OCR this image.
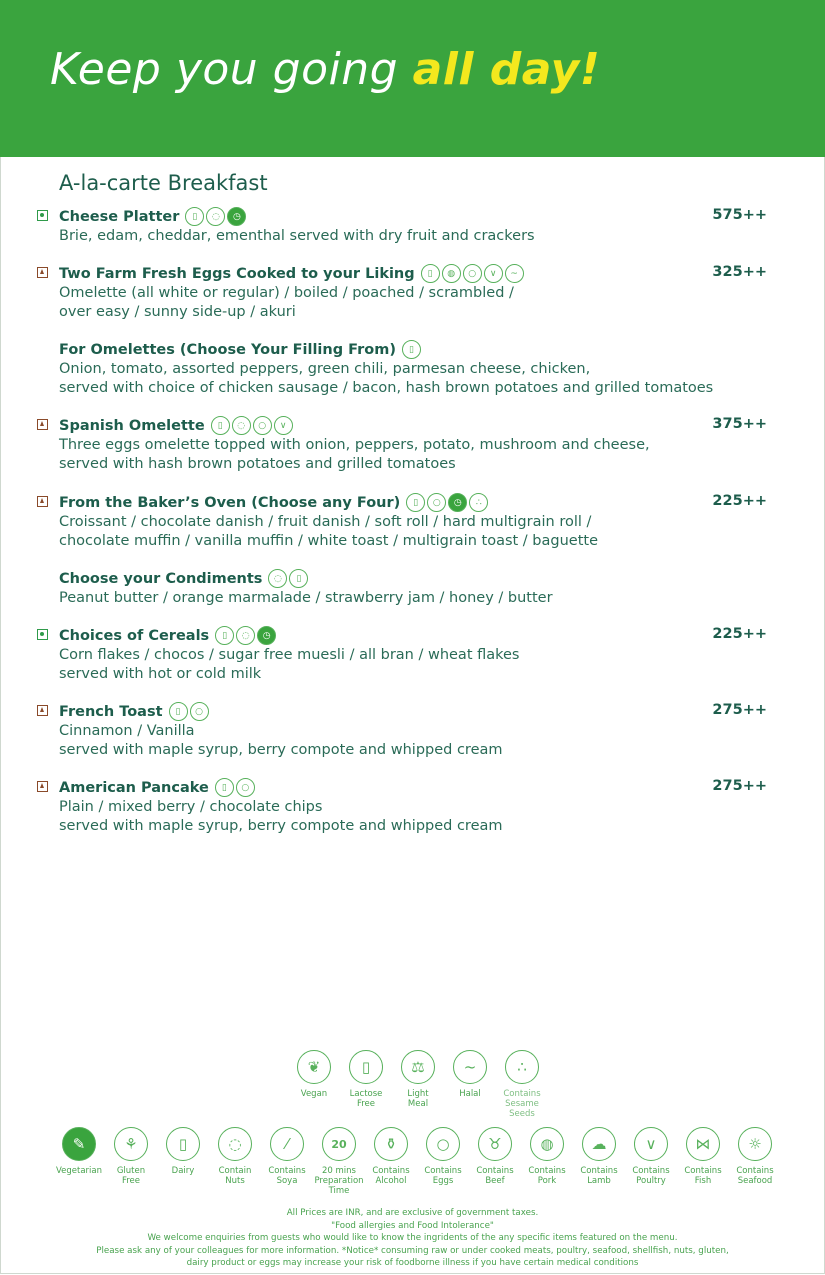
Keep you going all day!
A-la-carte Breakfast
Cheese Platter	▯	◌	◷	575++
Brie, edam, cheddar, ementhal served with dry fruit and crackers
Two Farm Fresh Eggs Cooked to your Liking	▯	◍	○	∨	~	325++
Omelette (all white or regular) / boiled / poached / scrambled /
over easy / sunny side-up / akuri
For Omelettes (Choose Your Filling From)	▯
Onion, tomato, assorted peppers, green chili, parmesan cheese, chicken,
served with choice of chicken sausage / bacon, hash brown potatoes and grilled tomatoes
Spanish Omelette	▯	◌	○	∨	375++
Three eggs omelette topped with onion, peppers, potato, mushroom and cheese,
served with hash brown potatoes and grilled tomatoes
From the Baker’s Oven (Choose any Four)	▯	○	◷	∴	225++
Croissant / chocolate danish / fruit danish / soft roll / hard multigrain roll /
chocolate muffin / vanilla muffin / white toast / multigrain toast / baguette
Choose your Condiments	◌	▯
Peanut butter / orange marmalade / strawberry jam / honey / butter
Choices of Cereals	▯	◌	◷	225++
Corn flakes / chocos / sugar free muesli / all bran / wheat flakes
served with hot or cold milk
French Toast	▯	○	275++
Cinnamon / Vanilla
served with maple syrup, berry compote and whipped cream
American Pancake	▯	○	275++
Plain / mixed berry / chocolate chips
served with maple syrup, berry compote and whipped cream
❦
Vegan
▯
Lactose
Free
⚖
Light
Meal
~
Halal
∴
Contains
Sesame Seeds
✎
Vegetarian
⚘
Gluten
Free
▯
Dairy
◌
Contain
Nuts
⁄
Contains
Soya
20
20 mins
Preparation Time
⚱
Contains
Alcohol
○
Contains
Eggs
♉
Contains
Beef
◍
Contains
Pork
☁
Contains
Lamb
∨
Contains
Poultry
⋈
Contains
Fish
☼
Contains
Seafood
All Prices are INR, and are exclusive of government taxes.
"Food allergies and Food Intolerance"
We welcome enquiries from guests who would like to know the ingridents of the any specific items featured on the menu.
Please ask any of your colleagues for more information. *Notice* consuming raw or under cooked meats, poultry, seafood, shellfish, nuts, gluten,
dairy product or eggs may increase your risk of foodborne illness if you have certain medical conditions
